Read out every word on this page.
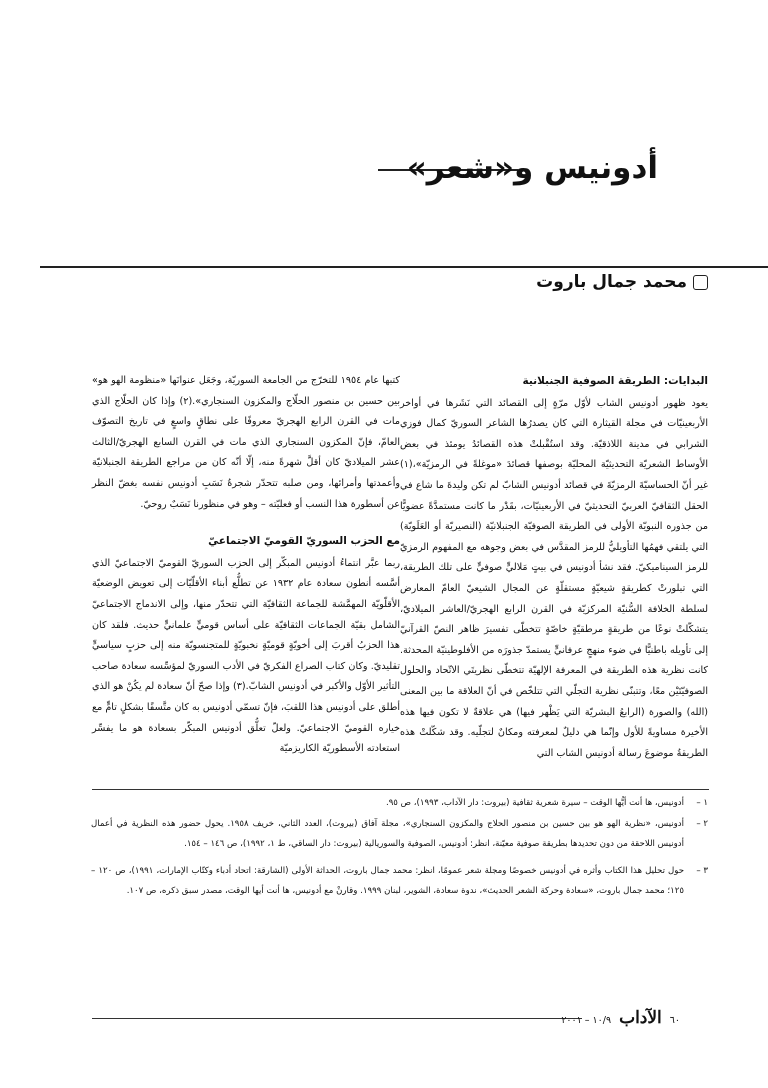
أدونيس و«شعر»
محمد جمال باروت
البدايات: الطريقة الصوفية الجنبلانية

يعود ظهور أدونيس الشاب لأوّل مرّةٍ إلى القصائد التي نَشَرها في أواخر الأربعينيّات في مجلة القيثارة التي كان يصدرُها الشاعر السوريّ كمال فوزي الشرابي في مدينة اللاذقيّة. وقد استُقْبلتْ هذه القصائدُ يومئذ في بعض الأوساط الشعريّة التحديثيّة المحليّة بوصفها قصائدَ «موغلةً في الرمزيّة»،(١) غير أنّ الحساسيّةَ الرمزيّةَ في قصائد أدونيس الشابّ لم تكن وليدةَ ما شاع في الحقل الثقافيّ العربيّ التحديثيّ في الأربعينيّات، بقَدْر ما كانت مستمدَّةً عضويًّا من جذوره النبويّة الأولى في الطريقة الصوفيّة الجنبلانيّة (النصيريّة أو العَلَويّة) التي يلتقي فهمُها التأويليُّ للرمز المقدَّس في بعض وجوهه مع المفهوم الرمزيّ للرمز السيناميكيّ. فقد نشأ أدونيس في بيتٍ مَلاليٍّ صوفيٍّ على تلك الطريقة، التي تبلورتْ كطريقةٍ شيعيّةٍ مستقلّةٍ عن المجال الشيعيّ العامّ المعارض لسلطة الخلافة السُّنيّة المركزيّة في القرن الرابع الهجريّ/العاشر الميلاديّ، يتشكّلتْ نوعًا من طريقةٍ مرطقيّةٍ خاصّةٍ تتخطّى تفسيرَ ظاهر النصّ القرآنيّ إلى تأويله باطنيًّا في ضوء منهجٍ عرفانيٍّ يستمدّ جذورَه من الأفلوطينيّة المحدثة. كانت نظرية هذه الطريقة في المعرفة الإلهيّة تتخطّى نظريتَي الاتّحاد والحلول الصوفيّتَيْن معًا، وتتبنّى نظرية التجلّي التي تتلخّص في أنّ العلاقة ما بين المعنى (الله) والصورة (الرابعُ البشريّة التي يَظْهر فيها) هي علاقةٌ لا تكون فيها هذه الأخيرة مساويةً للأول وإنّما هي دليلٌ لمعرفته ومكانٌ لتجلّيه. وقد شكّلتْ هذه الطريقةُ موضوعَ رسالة أدونيس الشاب التي

كتبها عام ١٩٥٤ للتخرّج من الجامعة السوريّة، وجَعَل عنوانَها «منظومة الهو هو» بين حسين بن منصور الحلّاج والمكزون السنجاري».(٢) وإذا كان الحلّاج الذي مات في القرن الرابع الهجريّ معروفًا على نطاقٍ واسعٍ في تاريخ التصوّف العامّ، فإنّ المكزون السنجاري الذي مات في القرن السابع الهجريّ/الثالث عشر الميلاديّ كان أقلَّ شهرةً منه، إلّا أنّه كان من مراجع الطريقة الجنبلانيّة وأعمدتها وأمرائها، ومن صلبه تتحدّر شجرةُ نَسَبِ أدونيس نفسه بغضّ النظر عن أسطورة هذا النسب أو فعليّته – وهو في منظورنا نَسَبٌ روحيّ.

مع الحزب السوريّ القوميّ الاجتماعيّ

ربما عبَّر انتماءُ أدونيس المبكّر إلى الحزب السوريّ القوميّ الاجتماعيّ الذي أسَّسه أنطون سعادة عام ١٩٣٢ عن تطلُّع أبناء الأقلّيّات إلى تعويض الوضعيّة الأقلّويّة المهمَّشة للجماعة الثقافيّة التي تتحدّر منها، وإلى الاندماج الاجتماعيّ الشامل بقيّة الجماعات الثقافيّة على أساس قوميٍّ علمانيٍّ حديث. فلقد كان هذا الحزبُ أقربَ إلى أخويّةٍ قوميّةٍ نخبويّةٍ للمتجنسويّة منه إلى حزبٍ سياسيٍّ تقليديّ. وكان كتاب الصراع الفكريّ في الأدب السوريّ لمؤسِّسه سعادة صاحب التأثير الأوّل والأكبر في أدونيس الشابّ.(٣) وإذا صحّ أنّ سعادة لم يكُنْ هو الذي أطلق على أدونيس هذا اللقبَ، فإنّ تسمّي أدونيس به كان متَّسقًا بشكلٍ تامٍّ مع خياره القوميّ الاجتماعيّ. ولعلّ تعلُّق أدونيس المبكّر بسعادة هو ما يفسِّر استعادته الأسطوريّة الكاريزميّة

١ –
أدونيس، ها أنت أيُّها الوقت – سيرة شعرية ثقافية (بيروت: دار الآداب، ١٩٩٣)، ص ٩٥.
٢ –
أدونيس، «نظرية الهو هو بين حسين بن منصور الحلاج والمكزون السنجاري»، مجلة آفاق (بيروت)، العدد الثاني، خريف ١٩٥٨. يحول حضور هذه النظرية في أعمال أدونيس اللاحقة من دون تحديدها بطريقة صوفية معيّنة، انظر: أدونيس، الصوفية والسوريالية (بيروت: دار الساقي، ط ١، ١٩٩٢)، ص ١٤٦ – ١٥٤.
٣ –
حول تحليل هذا الكتاب وأثره في أدونيس خصوصًا ومجلة شعر عمومًا، انظر: محمد جمال باروت، الحداثة الأولى (الشارقة: اتحاد أدباء وكتّاب الإمارات، ١٩٩١)، ص ١٢٠ – ١٢٥؛ محمد جمال باروت، «سعادة وحركة الشعر الحديث»، ندوة سعادة، الشوير، لبنان ١٩٩٩. وقارنْ مع أدونيس، ها أنت أيها الوقت، مصدر سبق ذكره، ص ١٠٧.
٦٠
الآداب
١٠/٩ – ٢٠٠١
